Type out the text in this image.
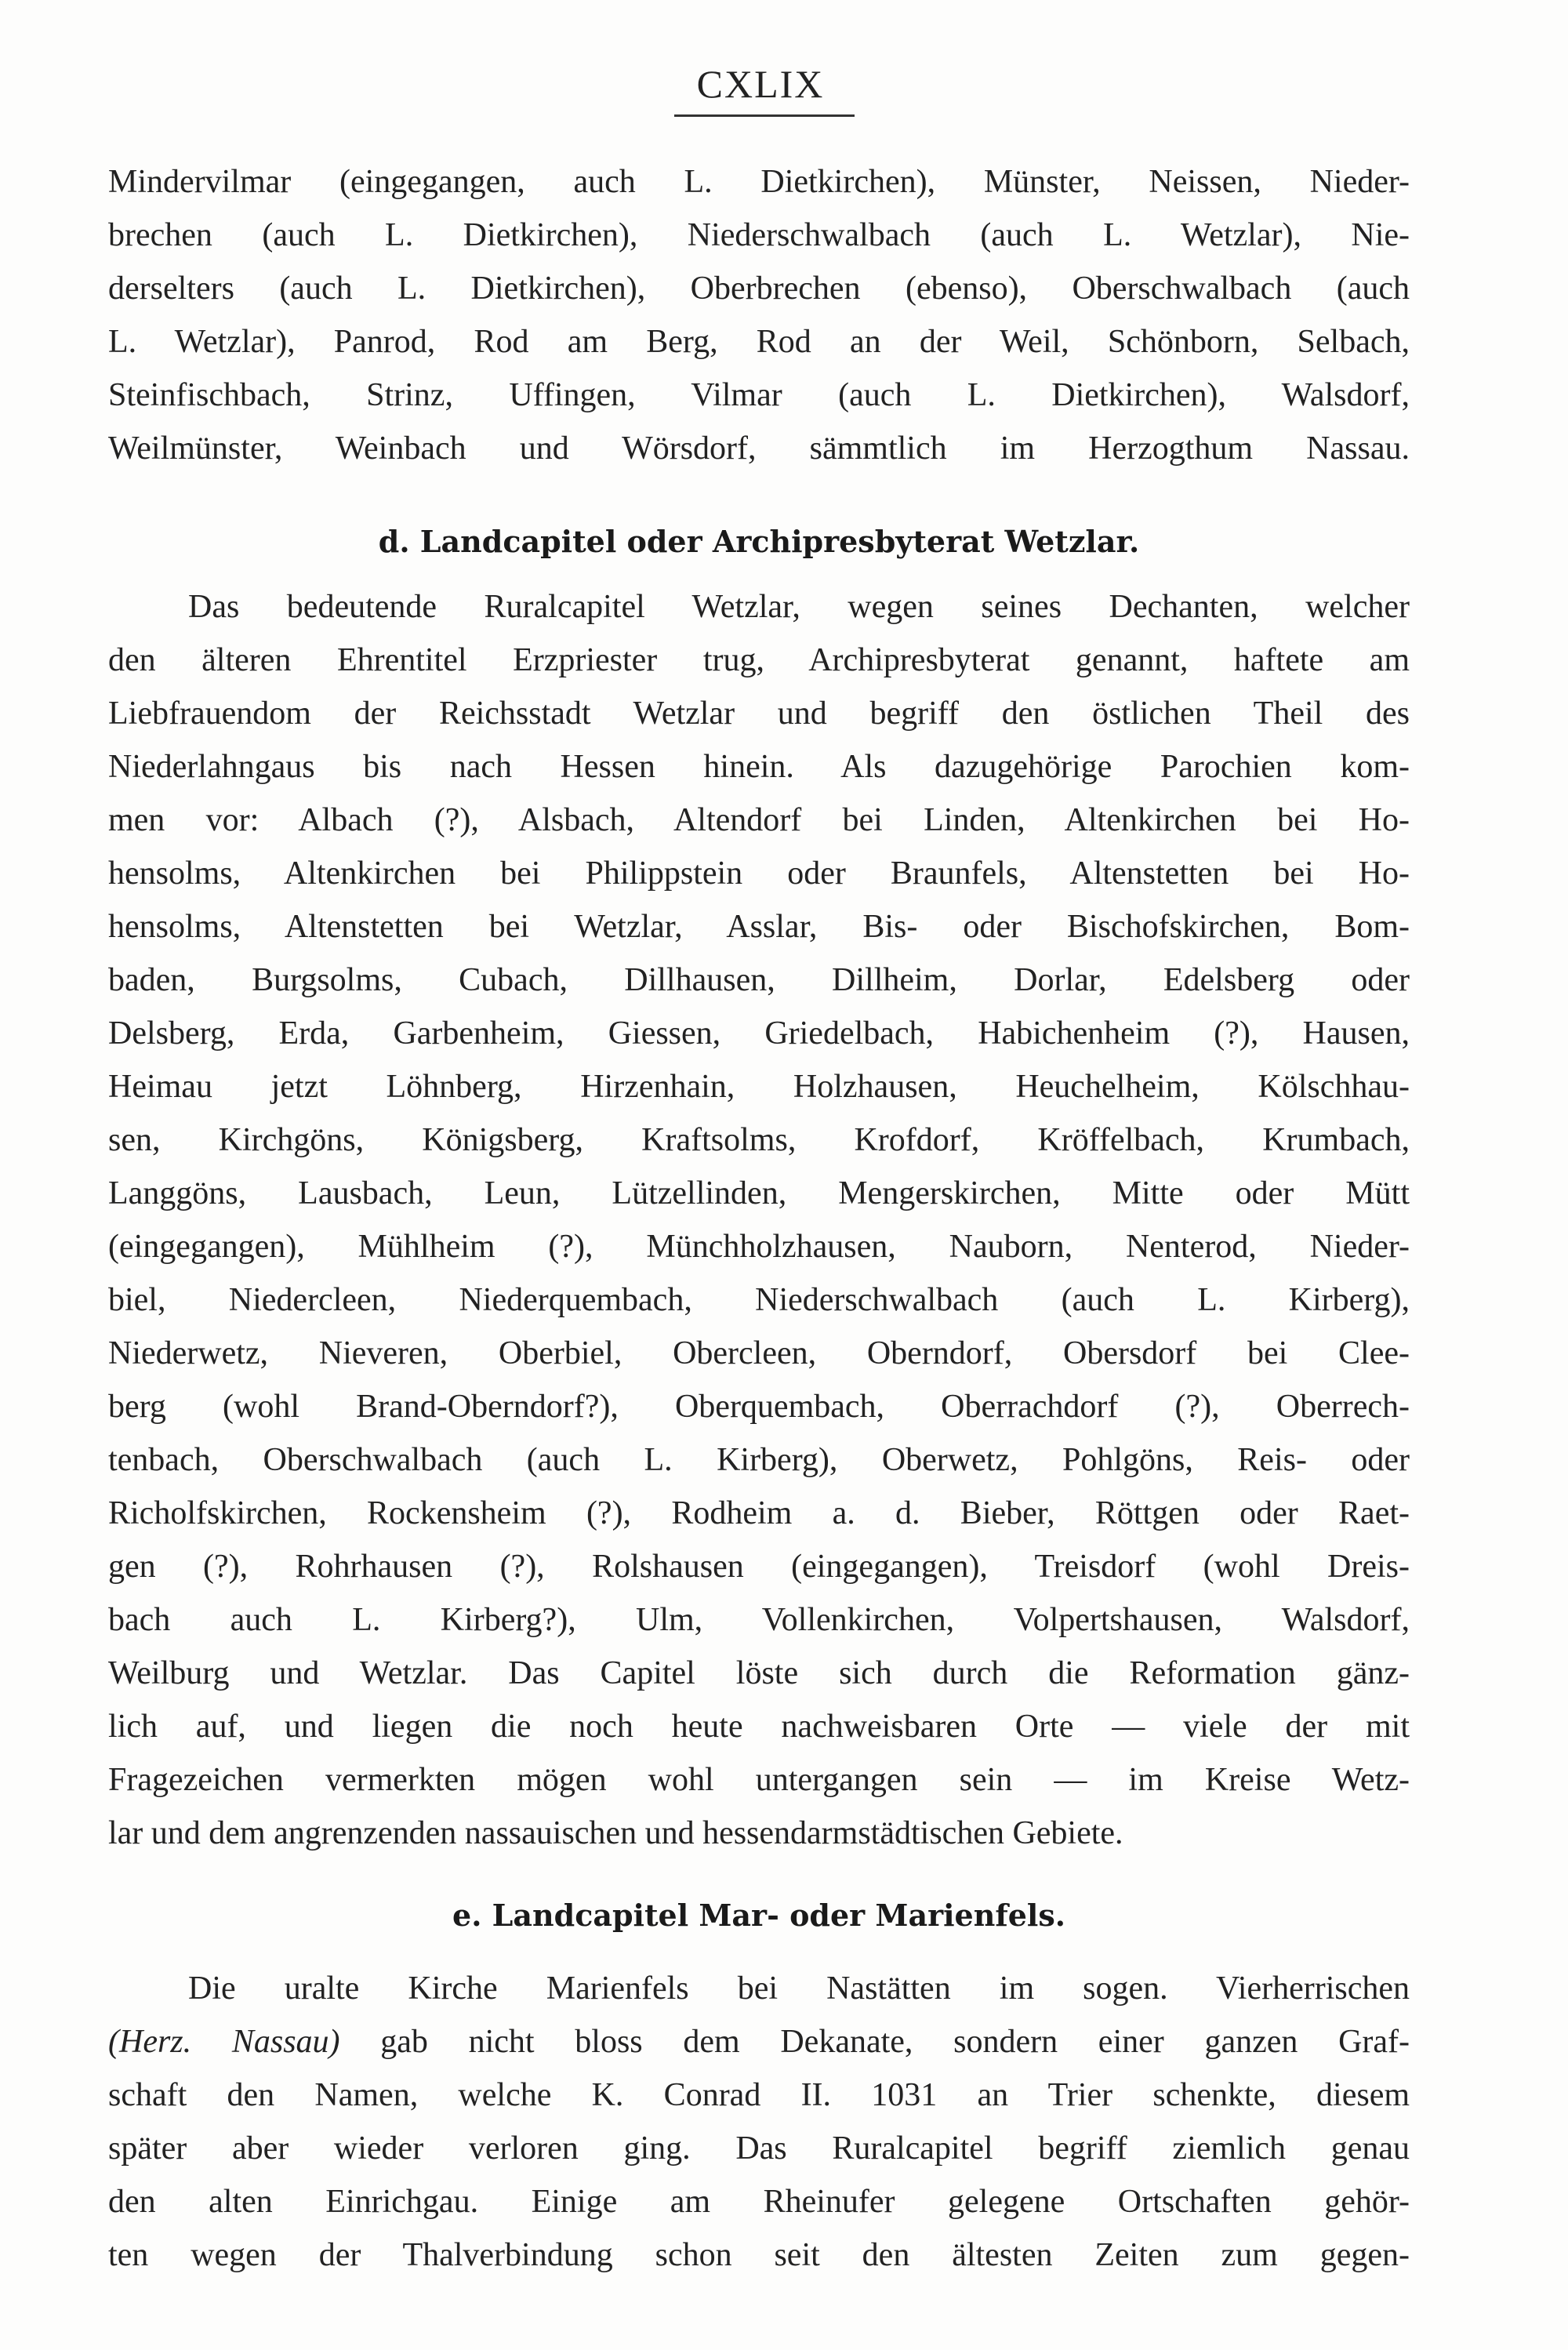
CXLIX
Mindervilmar (eingegangen, auch L. Dietkirchen), Münster, Neissen, Nieder-
brechen (auch L. Dietkirchen), Niederschwalbach (auch L. Wetzlar), Nie-
derselters (auch L. Dietkirchen), Oberbrechen (ebenso), Oberschwalbach (auch
L. Wetzlar), Panrod, Rod am Berg, Rod an der Weil, Schönborn, Selbach,
Steinfischbach, Strinz, Uffingen, Vilmar (auch L. Dietkirchen), Walsdorf,
Weilmünster, Weinbach und Wörsdorf, sämmtlich im Herzogthum Nassau.
d. Landcapitel oder Archipresbyterat Wetzlar.
Das bedeutende Ruralcapitel Wetzlar, wegen seines Dechanten, welcher
den älteren Ehrentitel Erzpriester trug, Archipresbyterat genannt, haftete am
Liebfrauendom der Reichsstadt Wetzlar und begriff den östlichen Theil des
Niederlahngaus bis nach Hessen hinein. Als dazugehörige Parochien kom-
men vor: Albach (?), Alsbach, Altendorf bei Linden, Altenkirchen bei Ho-
hensolms, Altenkirchen bei Philippstein oder Braunfels, Altenstetten bei Ho-
hensolms, Altenstetten bei Wetzlar, Asslar, Bis- oder Bischofskirchen, Bom-
baden, Burgsolms, Cubach, Dillhausen, Dillheim, Dorlar, Edelsberg oder
Delsberg, Erda, Garbenheim, Giessen, Griedelbach, Habichenheim (?), Hausen,
Heimau jetzt Löhnberg, Hirzenhain, Holzhausen, Heuchelheim, Kölschhau-
sen, Kirchgöns, Königsberg, Kraftsolms, Krofdorf, Kröffelbach, Krumbach,
Langgöns, Lausbach, Leun, Lützellinden, Mengerskirchen, Mitte oder Mütt
(eingegangen), Mühlheim (?), Münchholzhausen, Nauborn, Nenterod, Nieder-
biel, Niedercleen, Niederquembach, Niederschwalbach (auch L. Kirberg),
Niederwetz, Nieveren, Oberbiel, Obercleen, Oberndorf, Obersdorf bei Clee-
berg (wohl Brand-Oberndorf?), Oberquembach, Oberrachdorf (?), Oberrech-
tenbach, Oberschwalbach (auch L. Kirberg), Oberwetz, Pohlgöns, Reis- oder
Richolfskirchen, Rockensheim (?), Rodheim a. d. Bieber, Röttgen oder Raet-
gen (?), Rohrhausen (?), Rolshausen (eingegangen), Treisdorf (wohl Dreis-
bach auch L. Kirberg?), Ulm, Vollenkirchen, Volpertshausen, Walsdorf,
Weilburg und Wetzlar. Das Capitel löste sich durch die Reformation gänz-
lich auf, und liegen die noch heute nachweisbaren Orte — viele der mit
Fragezeichen vermerkten mögen wohl untergangen sein — im Kreise Wetz-
lar und dem angrenzenden nassauischen und hessendarmstädtischen Gebiete.
e. Landcapitel Mar- oder Marienfels.
Die uralte Kirche Marienfels bei Nastätten im sogen. Vierherrischen
(Herz. Nassau) gab nicht bloss dem Dekanate, sondern einer ganzen Graf-
schaft den Namen, welche K. Conrad II. 1031 an Trier schenkte, diesem
später aber wieder verloren ging. Das Ruralcapitel begriff ziemlich genau
den alten Einrichgau. Einige am Rheinufer gelegene Ortschaften gehör-
ten wegen der Thalverbindung schon seit den ältesten Zeiten zum gegen-
